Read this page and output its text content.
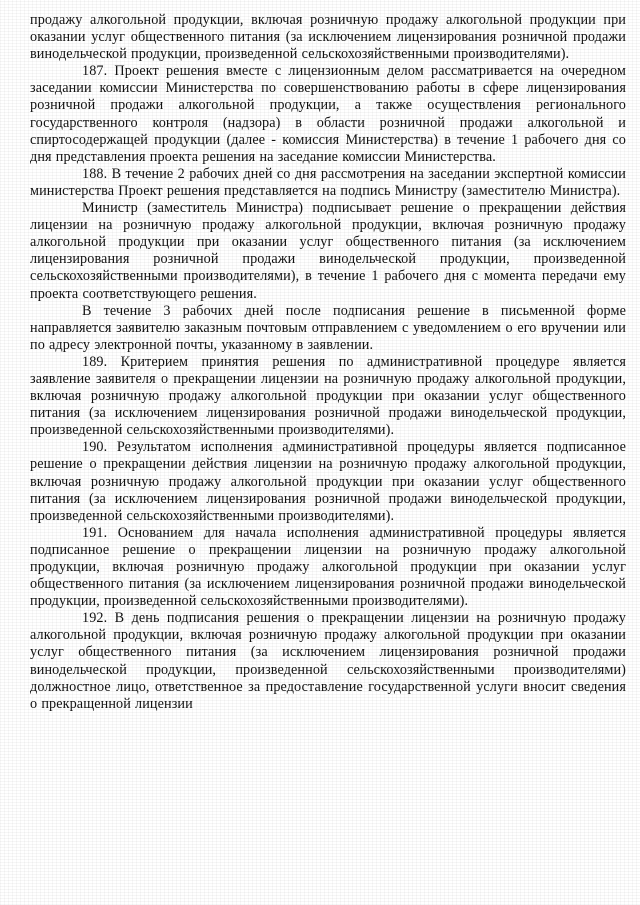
продажу алкогольной продукции, включая розничную продажу алкогольной продукции при оказании услуг общественного питания (за исключением лицензирования розничной продажи винодельческой продукции, произведенной сельскохозяйственными производителями).

187. Проект решения вместе с лицензионным делом рассматривается на очередном заседании комиссии Министерства по совершенствованию работы в сфере лицензирования розничной продажи алкогольной продукции, а также осуществления регионального государственного контроля (надзора) в области розничной продажи алкогольной и спиртосодержащей продукции (далее - комиссия Министерства) в течение 1 рабочего дня со дня представления проекта решения на заседание комиссии Министерства.

188. В течение 2 рабочих дней со дня рассмотрения на заседании экспертной комиссии министерства Проект решения представляется на подпись Министру (заместителю Министра).

Министр (заместитель Министра) подписывает решение о прекращении действия лицензии на розничную продажу алкогольной продукции, включая розничную продажу алкогольной продукции при оказании услуг общественного питания (за исключением лицензирования розничной продажи винодельческой продукции, произведенной сельскохозяйственными производителями), в течение 1 рабочего дня с момента передачи ему проекта соответствующего решения.

В течение 3 рабочих дней после подписания решение в письменной форме направляется заявителю заказным почтовым отправлением с уведомлением о его вручении или по адресу электронной почты, указанному в заявлении.

189. Критерием принятия решения по административной процедуре является заявление заявителя о прекращении лицензии на розничную продажу алкогольной продукции, включая розничную продажу алкогольной продукции при оказании услуг общественного питания (за исключением лицензирования розничной продажи винодельческой продукции, произведенной сельскохозяйственными производителями).

190. Результатом исполнения административной процедуры является подписанное решение о прекращении действия лицензии на розничную продажу алкогольной продукции, включая розничную продажу алкогольной продукции при оказании услуг общественного питания (за исключением лицензирования розничной продажи винодельческой продукции, произведенной сельскохозяйственными производителями).

191. Основанием для начала исполнения административной процедуры является подписанное решение о прекращении лицензии на розничную продажу алкогольной продукции, включая розничную продажу алкогольной продукции при оказании услуг общественного питания (за исключением лицензирования розничной продажи винодельческой продукции, произведенной сельскохозяйственными производителями).

192. В день подписания решения о прекращении лицензии на розничную продажу алкогольной продукции, включая розничную продажу алкогольной продукции при оказании услуг общественного питания (за исключением лицензирования розничной продажи винодельческой продукции, произведенной сельскохозяйственными производителями) должностное лицо, ответственное за предоставление государственной услуги вносит сведения о прекращенной лицензии
